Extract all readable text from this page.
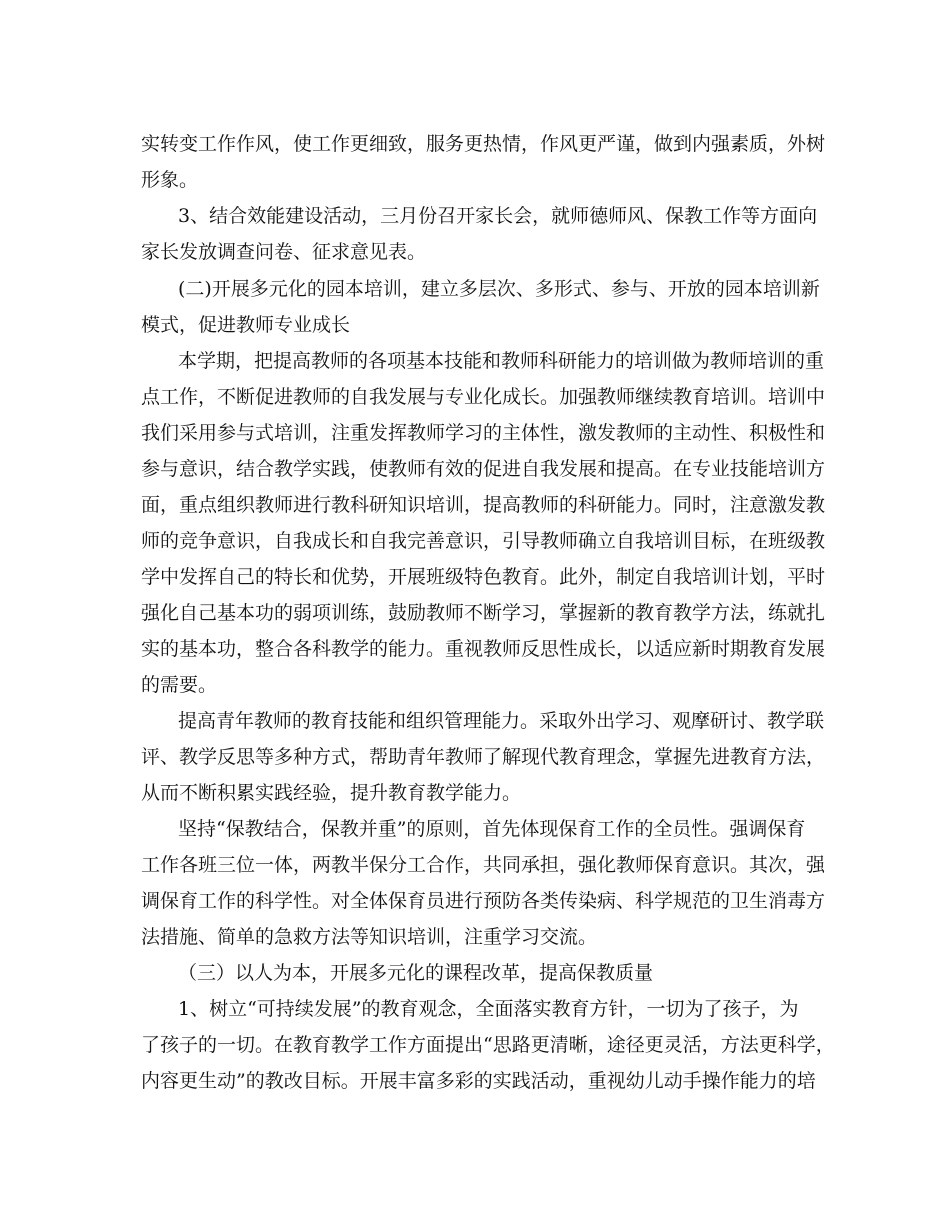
实转变工作作风，使工作更细致，服务更热情，作风更严谨，做到内强素质，外树
形象。
3、结合效能建设活动，三月份召开家长会，就师德师风、保教工作等方面向
家长发放调查问卷、征求意见表。
(二)开展多元化的园本培训，建立多层次、多形式、参与、开放的园本培训新
模式，促进教师专业成长
本学期，把提高教师的各项基本技能和教师科研能力的培训做为教师培训的重
点工作，不断促进教师的自我发展与专业化成长。加强教师继续教育培训。培训中
我们采用参与式培训，注重发挥教师学习的主体性，激发教师的主动性、积极性和
参与意识，结合教学实践，使教师有效的促进自我发展和提高。在专业技能培训方
面，重点组织教师进行教科研知识培训，提高教师的科研能力。同时，注意激发教
师的竞争意识，自我成长和自我完善意识，引导教师确立自我培训目标，在班级教
学中发挥自己的特长和优势，开展班级特色教育。此外，制定自我培训计划，平时
强化自己基本功的弱项训练，鼓励教师不断学习，掌握新的教育教学方法，练就扎
实的基本功，整合各科教学的能力。重视教师反思性成长，以适应新时期教育发展
的需要。
提高青年教师的教育技能和组织管理能力。采取外出学习、观摩研讨、教学联
评、教学反思等多种方式，帮助青年教师了解现代教育理念，掌握先进教育方法，
从而不断积累实践经验，提升教育教学能力。
坚持“保教结合，保教并重”的原则，首先体现保育工作的全员性。强调保育
工作各班三位一体，两教半保分工合作，共同承担，强化教师保育意识。其次，强
调保育工作的科学性。对全体保育员进行预防各类传染病、科学规范的卫生消毒方
法措施、简单的急救方法等知识培训，注重学习交流。
（三）以人为本，开展多元化的课程改革，提高保教质量
1、树立“可持续发展”的教育观念，全面落实教育方针，一切为了孩子，为
了孩子的一切。在教育教学工作方面提出“思路更清晰，途径更灵活，方法更科学，
内容更生动”的教改目标。开展丰富多彩的实践活动，重视幼儿动手操作能力的培
